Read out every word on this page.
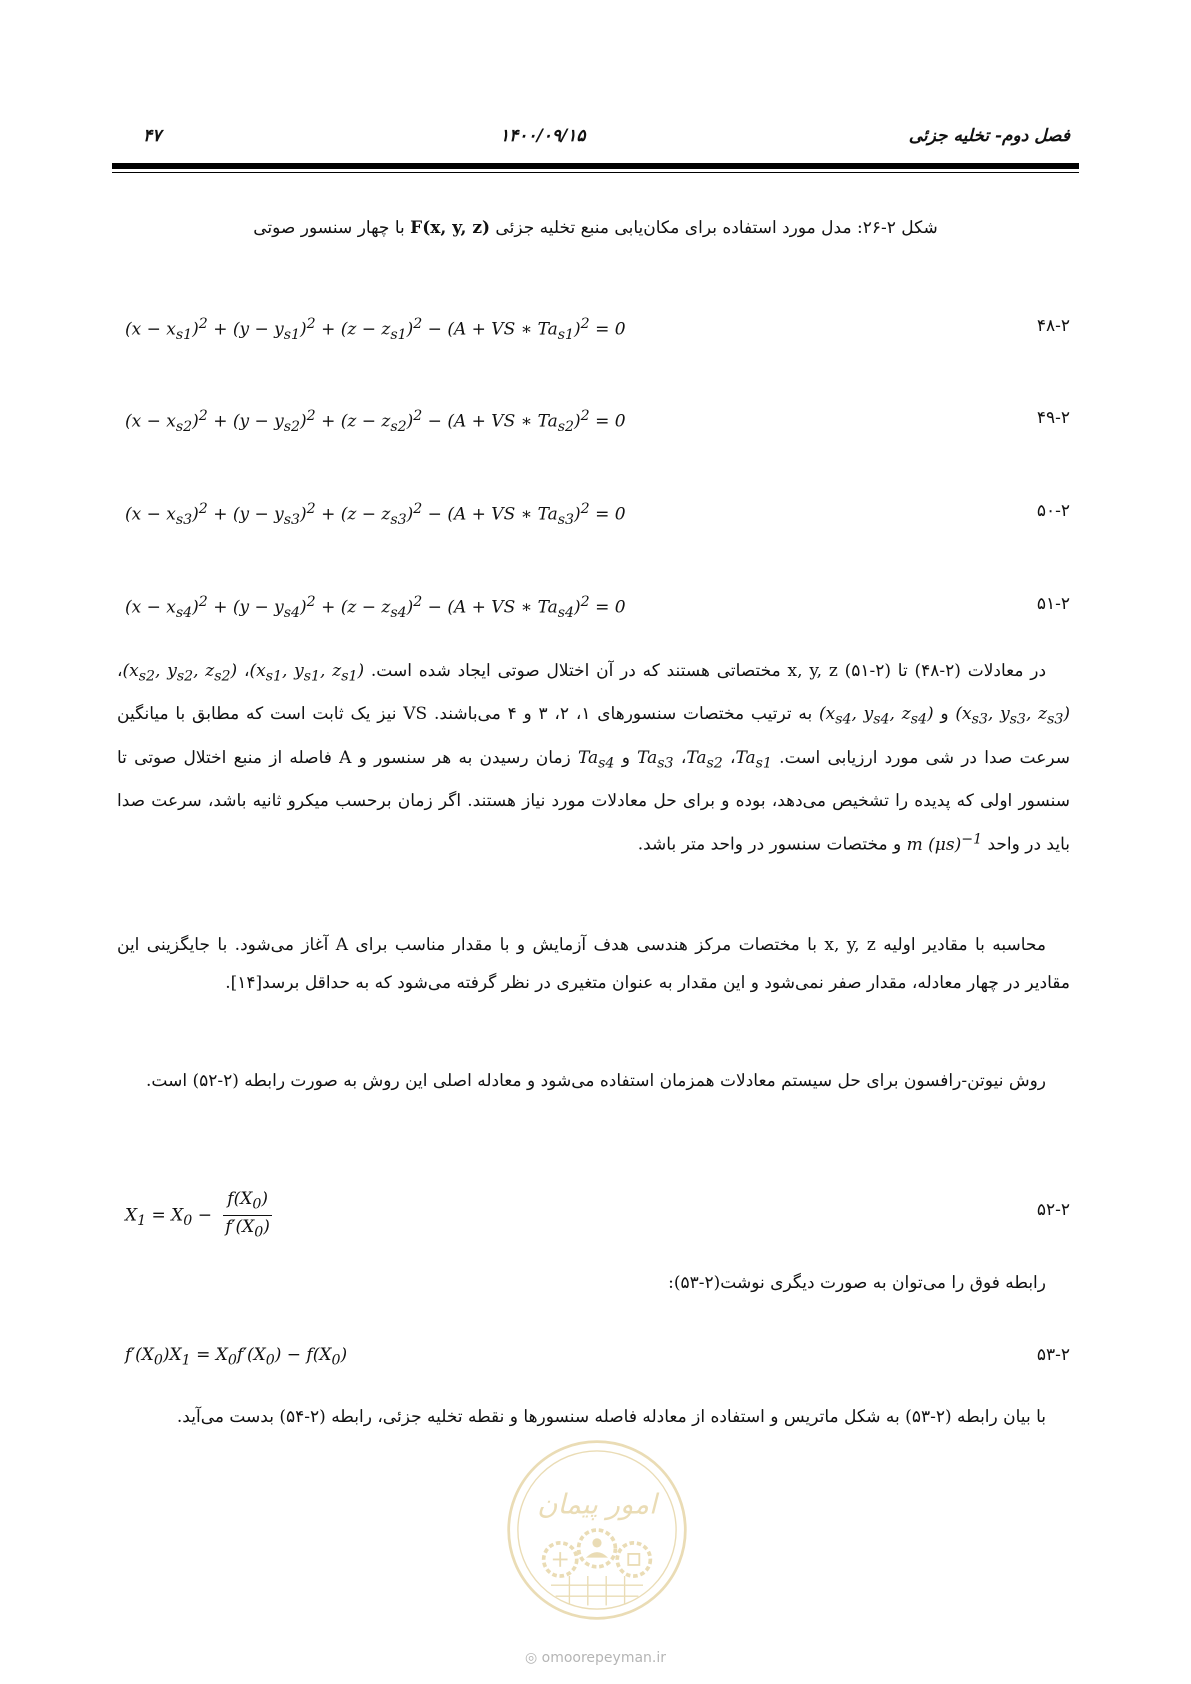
فصل دوم- تخلیه جزئی
۱۴۰۰/۰۹/۱۵
۴۷
شکل ۲-۲۶: مدل مورد استفاده برای مکان‌یابی منبع تخلیه جزئی F(x, y, z) با چهار سنسور صوتی
$(x - x_{s1})^2 + (y - y_{s1})^2 + (z - z_{s1})^2 - (A$ + VS ∗ $Ta_{s1})^2 = 0$	۴۸-۲
$(x - x_{s2})^2 + (y - y_{s2})^2 + (z - z_{s2})^2 - (A$ + VS ∗ $Ta_{s2})^2 = 0$	۴۹-۲
$(x - x_{s3})^2 + (y - y_{s3})^2 + (z - z_{s3})^2 - (A$ + VS ∗ $Ta_{s3})^2 = 0$	۵۰-۲
$(x - x_{s4})^2 + (y - y_{s4})^2 + (z - z_{s4})^2 - (A$ + VS ∗ $Ta_{s4})^2 = 0$	۵۱-۲
در معادلات (۲-۴۸) تا (۲-۵۱) x, y, z مختصاتی هستند که در آن اختلال صوتی ایجاد شده است. ($x_{s1}$, $y_{s1}$, $z_{s1})،$ ($x_{s2}$, $y_{s2}$, $z_{s2})،$ ($x_{s3}$, $y_{s3}$, $z_{s3}$) و ($x_{s4}$, $y_{s4}$, $z_{s4}$) به ترتیب مختصات سنسورهای ۱، ۲، ۳ و ۴ می‌باشند. VS نیز یک ثابت است که مطابق با میانگین سرعت صدا در شی مورد ارزیابی است. $Ta_{s1}،$ $Ta_{s2}،$ $Ta_{s3}$ و $Ta_{s4}$ زمان رسیدن به هر سنسور و A فاصله از منبع اختلال صوتی تا سنسور اولی که پدیده را تشخیص می‌دهد، بوده و برای حل معادلات مورد نیاز هستند. اگر زمان برحسب میکرو ثانیه باشد، سرعت صدا باید در واحد m $(\mu s)^{-1}$ و مختصات سنسور در واحد متر باشد.
محاسبه با مقادیر اولیه x, y, z با مختصات مرکز هندسی هدف آزمایش و با مقدار مناسب برای A آغاز می‌شود. با جایگزینی این مقادیر در چهار معادله، مقدار صفر نمی‌شود و این مقدار به عنوان متغیری در نظر گرفته می‌شود که به حداقل برسد[۱۴].
روش نیوتن-رافسون برای حل سیستم معادلات همزمان استفاده می‌شود و معادله اصلی این روش به صورت رابطه (۲-۵۲) است.
$X_1 = X_0 - \frac{f(X_0)}{f'(X_0)}$	۵۲-۲
رابطه فوق را می‌توان به صورت دیگری نوشت(۲-۵۳):
$f'(X_0)X_1 = X_0f'(X_0) - f(X_0)$	۵۳-۲
با بیان رابطه (۲-۵۳) به شکل ماتریس و استفاده از معادله فاصله سنسورها و نقطه تخلیه جزئی، رابطه (۲-۵۴) بدست می‌آید.
امور پیمان
◎ omoorepeyman.ir
